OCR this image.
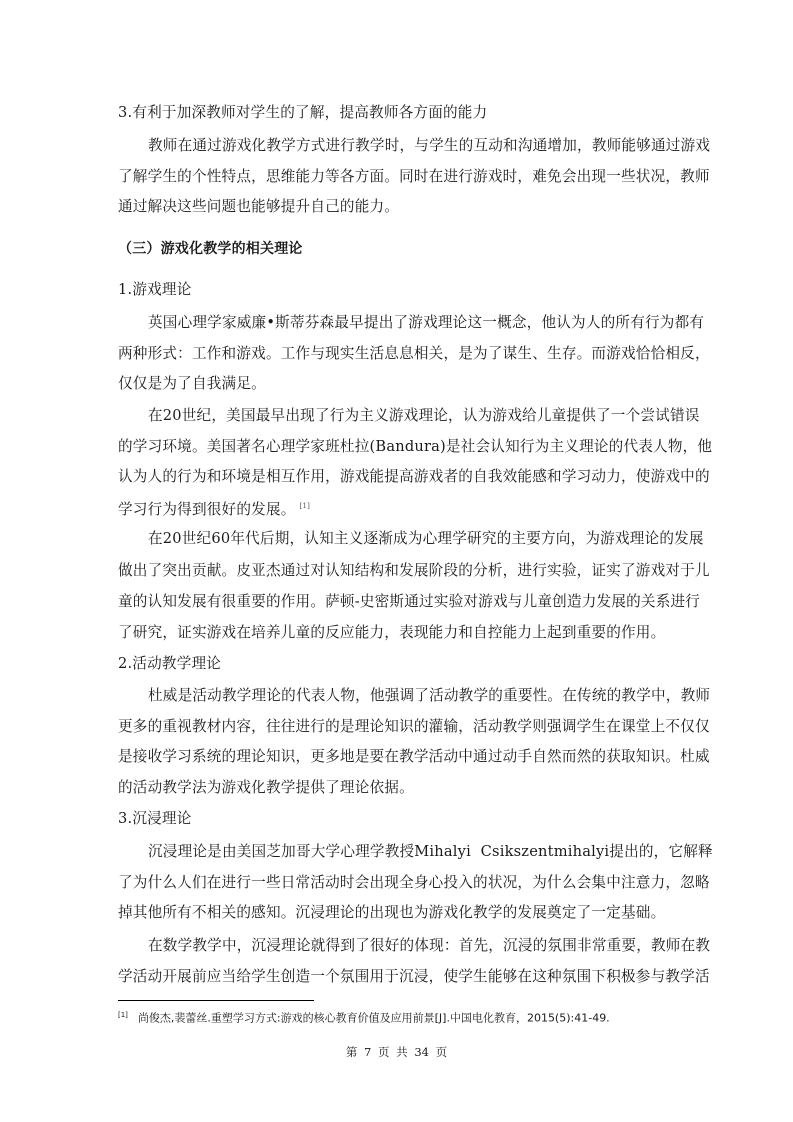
3.有利于加深教师对学生的了解，提高教师各方面的能力
教师在通过游戏化教学方式进行教学时，与学生的互动和沟通增加，教师能够通过游戏
了解学生的个性特点，思维能力等各方面。同时在进行游戏时，难免会出现一些状况，教师
通过解决这些问题也能够提升自己的能力。
（三）游戏化教学的相关理论
1.游戏理论
英国心理学家威廉•斯蒂芬森最早提出了游戏理论这一概念，他认为人的所有行为都有
两种形式：工作和游戏。工作与现实生活息息相关，是为了谋生、生存。而游戏恰恰相反，
仅仅是为了自我满足。
在20世纪，美国最早出现了行为主义游戏理论，认为游戏给儿童提供了一个尝试错误
的学习环境。美国著名心理学家班杜拉(Bandura)是社会认知行为主义理论的代表人物，他
认为人的行为和环境是相互作用，游戏能提高游戏者的自我效能感和学习动力，使游戏中的
学习行为得到很好的发展。 [1]
在20世纪60年代后期，认知主义逐渐成为心理学研究的主要方向，为游戏理论的发展
做出了突出贡献。皮亚杰通过对认知结构和发展阶段的分析，进行实验，证实了游戏对于儿
童的认知发展有很重要的作用。萨顿-史密斯通过实验对游戏与儿童创造力发展的关系进行
了研究，证实游戏在培养儿童的反应能力，表现能力和自控能力上起到重要的作用。
2.活动教学理论
杜威是活动教学理论的代表人物，他强调了活动教学的重要性。在传统的教学中，教师
更多的重视教材内容，往往进行的是理论知识的灌输，活动教学则强调学生在课堂上不仅仅
是接收学习系统的理论知识，更多地是要在教学活动中通过动手自然而然的获取知识。杜威
的活动教学法为游戏化教学提供了理论依据。
3.沉浸理论
沉浸理论是由美国芝加哥大学心理学教授Mihalyi  Csikszentmihalyi提出的，它解释
了为什么人们在进行一些日常活动时会出现全身心投入的状况，为什么会集中注意力，忽略
掉其他所有不相关的感知。沉浸理论的出现也为游戏化教学的发展奠定了一定基础。
在数学教学中，沉浸理论就得到了很好的体现：首先，沉浸的氛围非常重要，教师在教
学活动开展前应当给学生创造一个氛围用于沉浸，使学生能够在这种氛围下积极参与教学活
[1] 尚俊杰,裴蕾丝.重塑学习方式:游戏的核心教育价值及应用前景[J].中国电化教育，2015(5):41-49.
第 7 页 共 34 页
